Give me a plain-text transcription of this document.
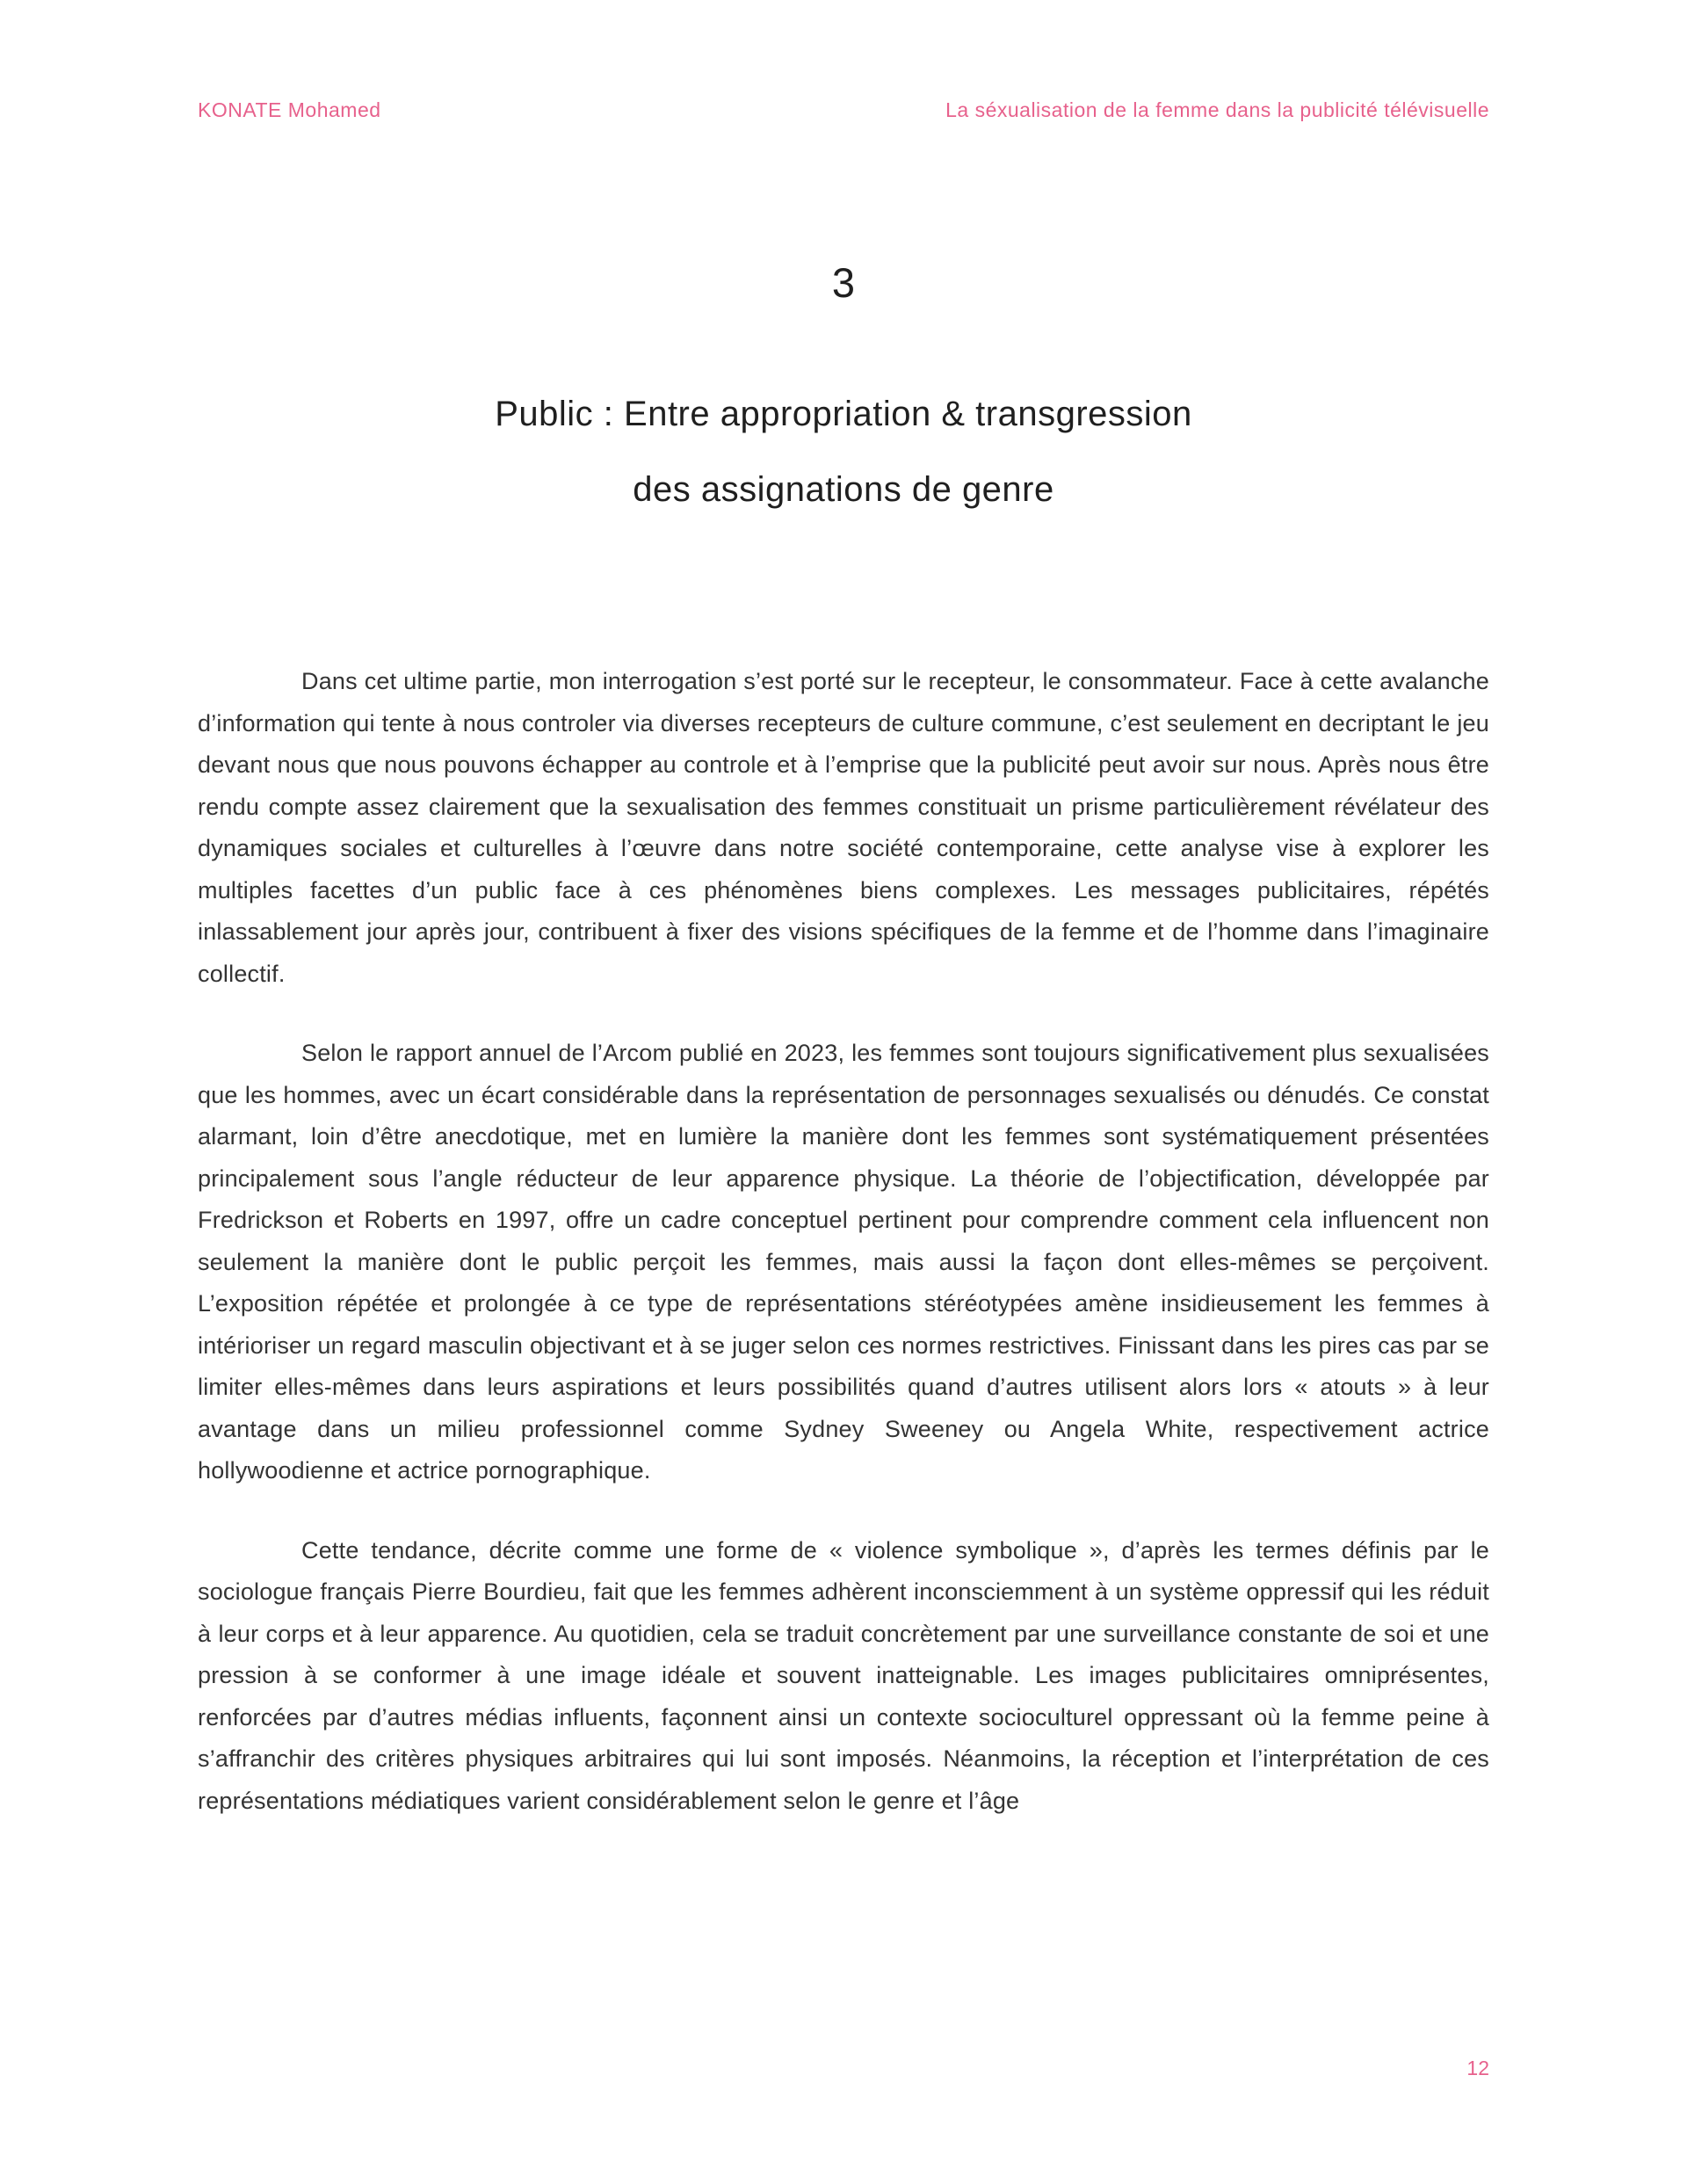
KONATE Mohamed	La séxualisation de la femme dans la publicité télévisuelle
3
Public : Entre appropriation & transgression
des assignations de genre

Dans cet ultime partie, mon interrogation s’est porté sur le recepteur, le consommateur. Face à cette avalanche d’information qui tente à nous controler via diverses recepteurs de culture commune, c’est seulement en decriptant le jeu devant nous que nous pouvons échapper au controle et à l’emprise que la publicité peut avoir sur nous. Après nous être rendu compte assez clairement que la sexualisation des femmes constituait un prisme particulièrement révélateur des dynamiques sociales et culturelles à l’œuvre dans notre société contemporaine, cette analyse vise à explorer les multiples facettes d’un public face à ces phénomènes biens complexes. Les messages publicitaires, répétés inlassablement jour après jour, contribuent à fixer des visions spécifiques de la femme et de l’homme dans l’imaginaire collectif.

Selon le rapport annuel de l’Arcom publié en 2023, les femmes sont toujours significativement plus sexualisées que les hommes, avec un écart considérable dans la représentation de personnages sexualisés ou dénudés. Ce constat alarmant, loin d’être anecdotique, met en lumière la manière dont les femmes sont systématiquement présentées principalement sous l’angle réducteur de leur apparence physique. La théorie de l’objectification, développée par Fredrickson et Roberts en 1997, offre un cadre conceptuel pertinent pour comprendre comment cela influencent non seulement la manière dont le public perçoit les femmes, mais aussi la façon dont elles-mêmes se perçoivent. L’exposition répétée et prolongée à ce type de représentations stéréotypées amène insidieusement les femmes à intérioriser un regard masculin objectivant et à se juger selon ces normes restrictives. Finissant dans les pires cas par se limiter elles-mêmes dans leurs aspirations et leurs possibilités quand d’autres utilisent alors lors « atouts » à leur avantage dans un milieu professionnel comme Sydney Sweeney ou Angela White, respectivement actrice hollywoodienne et actrice pornographique.

Cette tendance, décrite comme une forme de « violence symbolique », d’après les termes définis par le sociologue français Pierre Bourdieu, fait que les femmes adhèrent inconsciemment à un système oppressif qui les réduit à leur corps et à leur apparence. Au quotidien, cela se traduit concrètement par une surveillance constante de soi et une pression à se conformer à une image idéale et souvent inatteignable. Les images publicitaires omniprésentes, renforcées par d’autres médias influents, façonnent ainsi un contexte socioculturel oppressant où la femme peine à s’affranchir des critères physiques arbitraires qui lui sont imposés. Néanmoins, la réception et l’interprétation de ces représentations médiatiques varient considérablement selon le genre et l’âge

12
